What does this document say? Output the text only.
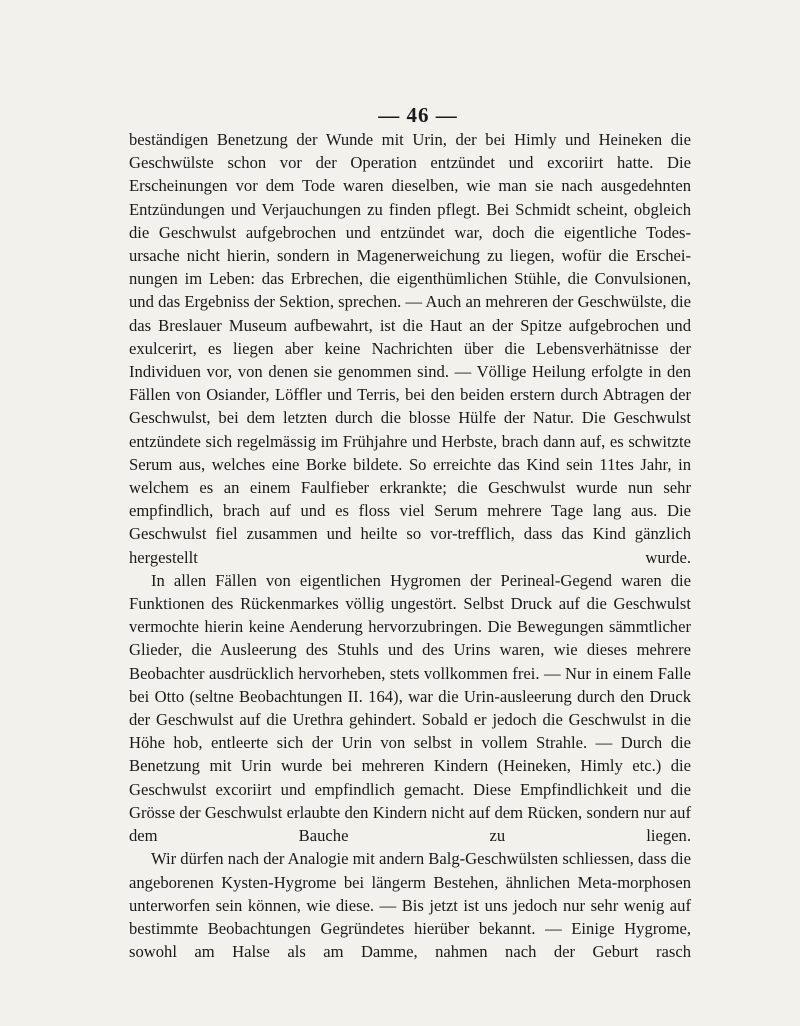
— 46 —

beständigen Benetzung der Wunde mit Urin, der bei Himly und Heineken die Geschwülste schon vor der Operation entzündet und excoriirt hatte. Die Erscheinungen vor dem Tode waren dieselben, wie man sie nach ausgedehnten Entzündungen und Verjauchungen zu finden pflegt. Bei Schmidt scheint, obgleich die Geschwulst aufgebrochen und entzündet war, doch die eigentliche Todes-ursache nicht hierin, sondern in Magenerweichung zu liegen, wofür die Erschei-nungen im Leben: das Erbrechen, die eigenthümlichen Stühle, die Convulsionen, und das Ergebniss der Sektion, sprechen. — Auch an mehreren der Geschwülste, die das Breslauer Museum aufbewahrt, ist die Haut an der Spitze aufgebrochen und exulcerirt, es liegen aber keine Nachrichten über die Lebensverhätnisse der Individuen vor, von denen sie genommen sind. — Völlige Heilung erfolgte in den Fällen von Osiander, Löffler und Terris, bei den beiden erstern durch Abtragen der Geschwulst, bei dem letzten durch die blosse Hülfe der Natur. Die Geschwulst entzündete sich regelmässig im Frühjahre und Herbste, brach dann auf, es schwitzte Serum aus, welches eine Borke bildete. So erreichte das Kind sein 11tes Jahr, in welchem es an einem Faulfieber erkrankte; die Geschwulst wurde nun sehr empfindlich, brach auf und es floss viel Serum mehrere Tage lang aus. Die Geschwulst fiel zusammen und heilte so vor-trefflich, dass das Kind gänzlich hergestellt wurde.

In allen Fällen von eigentlichen Hygromen der Perineal-Gegend waren die Funktionen des Rückenmarkes völlig ungestört. Selbst Druck auf die Geschwulst vermochte hierin keine Aenderung hervorzubringen. Die Bewegungen sämmtlicher Glieder, die Ausleerung des Stuhls und des Urins waren, wie dieses mehrere Beobachter ausdrücklich hervorheben, stets vollkommen frei. — Nur in einem Falle bei Otto (seltne Beobachtungen II. 164), war die Urin-ausleerung durch den Druck der Geschwulst auf die Urethra gehindert. Sobald er jedoch die Geschwulst in die Höhe hob, entleerte sich der Urin von selbst in vollem Strahle. — Durch die Benetzung mit Urin wurde bei mehreren Kindern (Heineken, Himly etc.) die Geschwulst excoriirt und empfindlich gemacht. Diese Empfindlichkeit und die Grösse der Geschwulst erlaubte den Kindern nicht auf dem Rücken, sondern nur auf dem Bauche zu liegen.

Wir dürfen nach der Analogie mit andern Balg-Geschwülsten schliessen, dass die angeborenen Kysten-Hygrome bei längerm Bestehen, ähnlichen Meta-morphosen unterworfen sein können, wie diese. — Bis jetzt ist uns jedoch nur sehr wenig auf bestimmte Beobachtungen Gegründetes hierüber bekannt. — Einige Hygrome, sowohl am Halse als am Damme, nahmen nach der Geburt rasch
